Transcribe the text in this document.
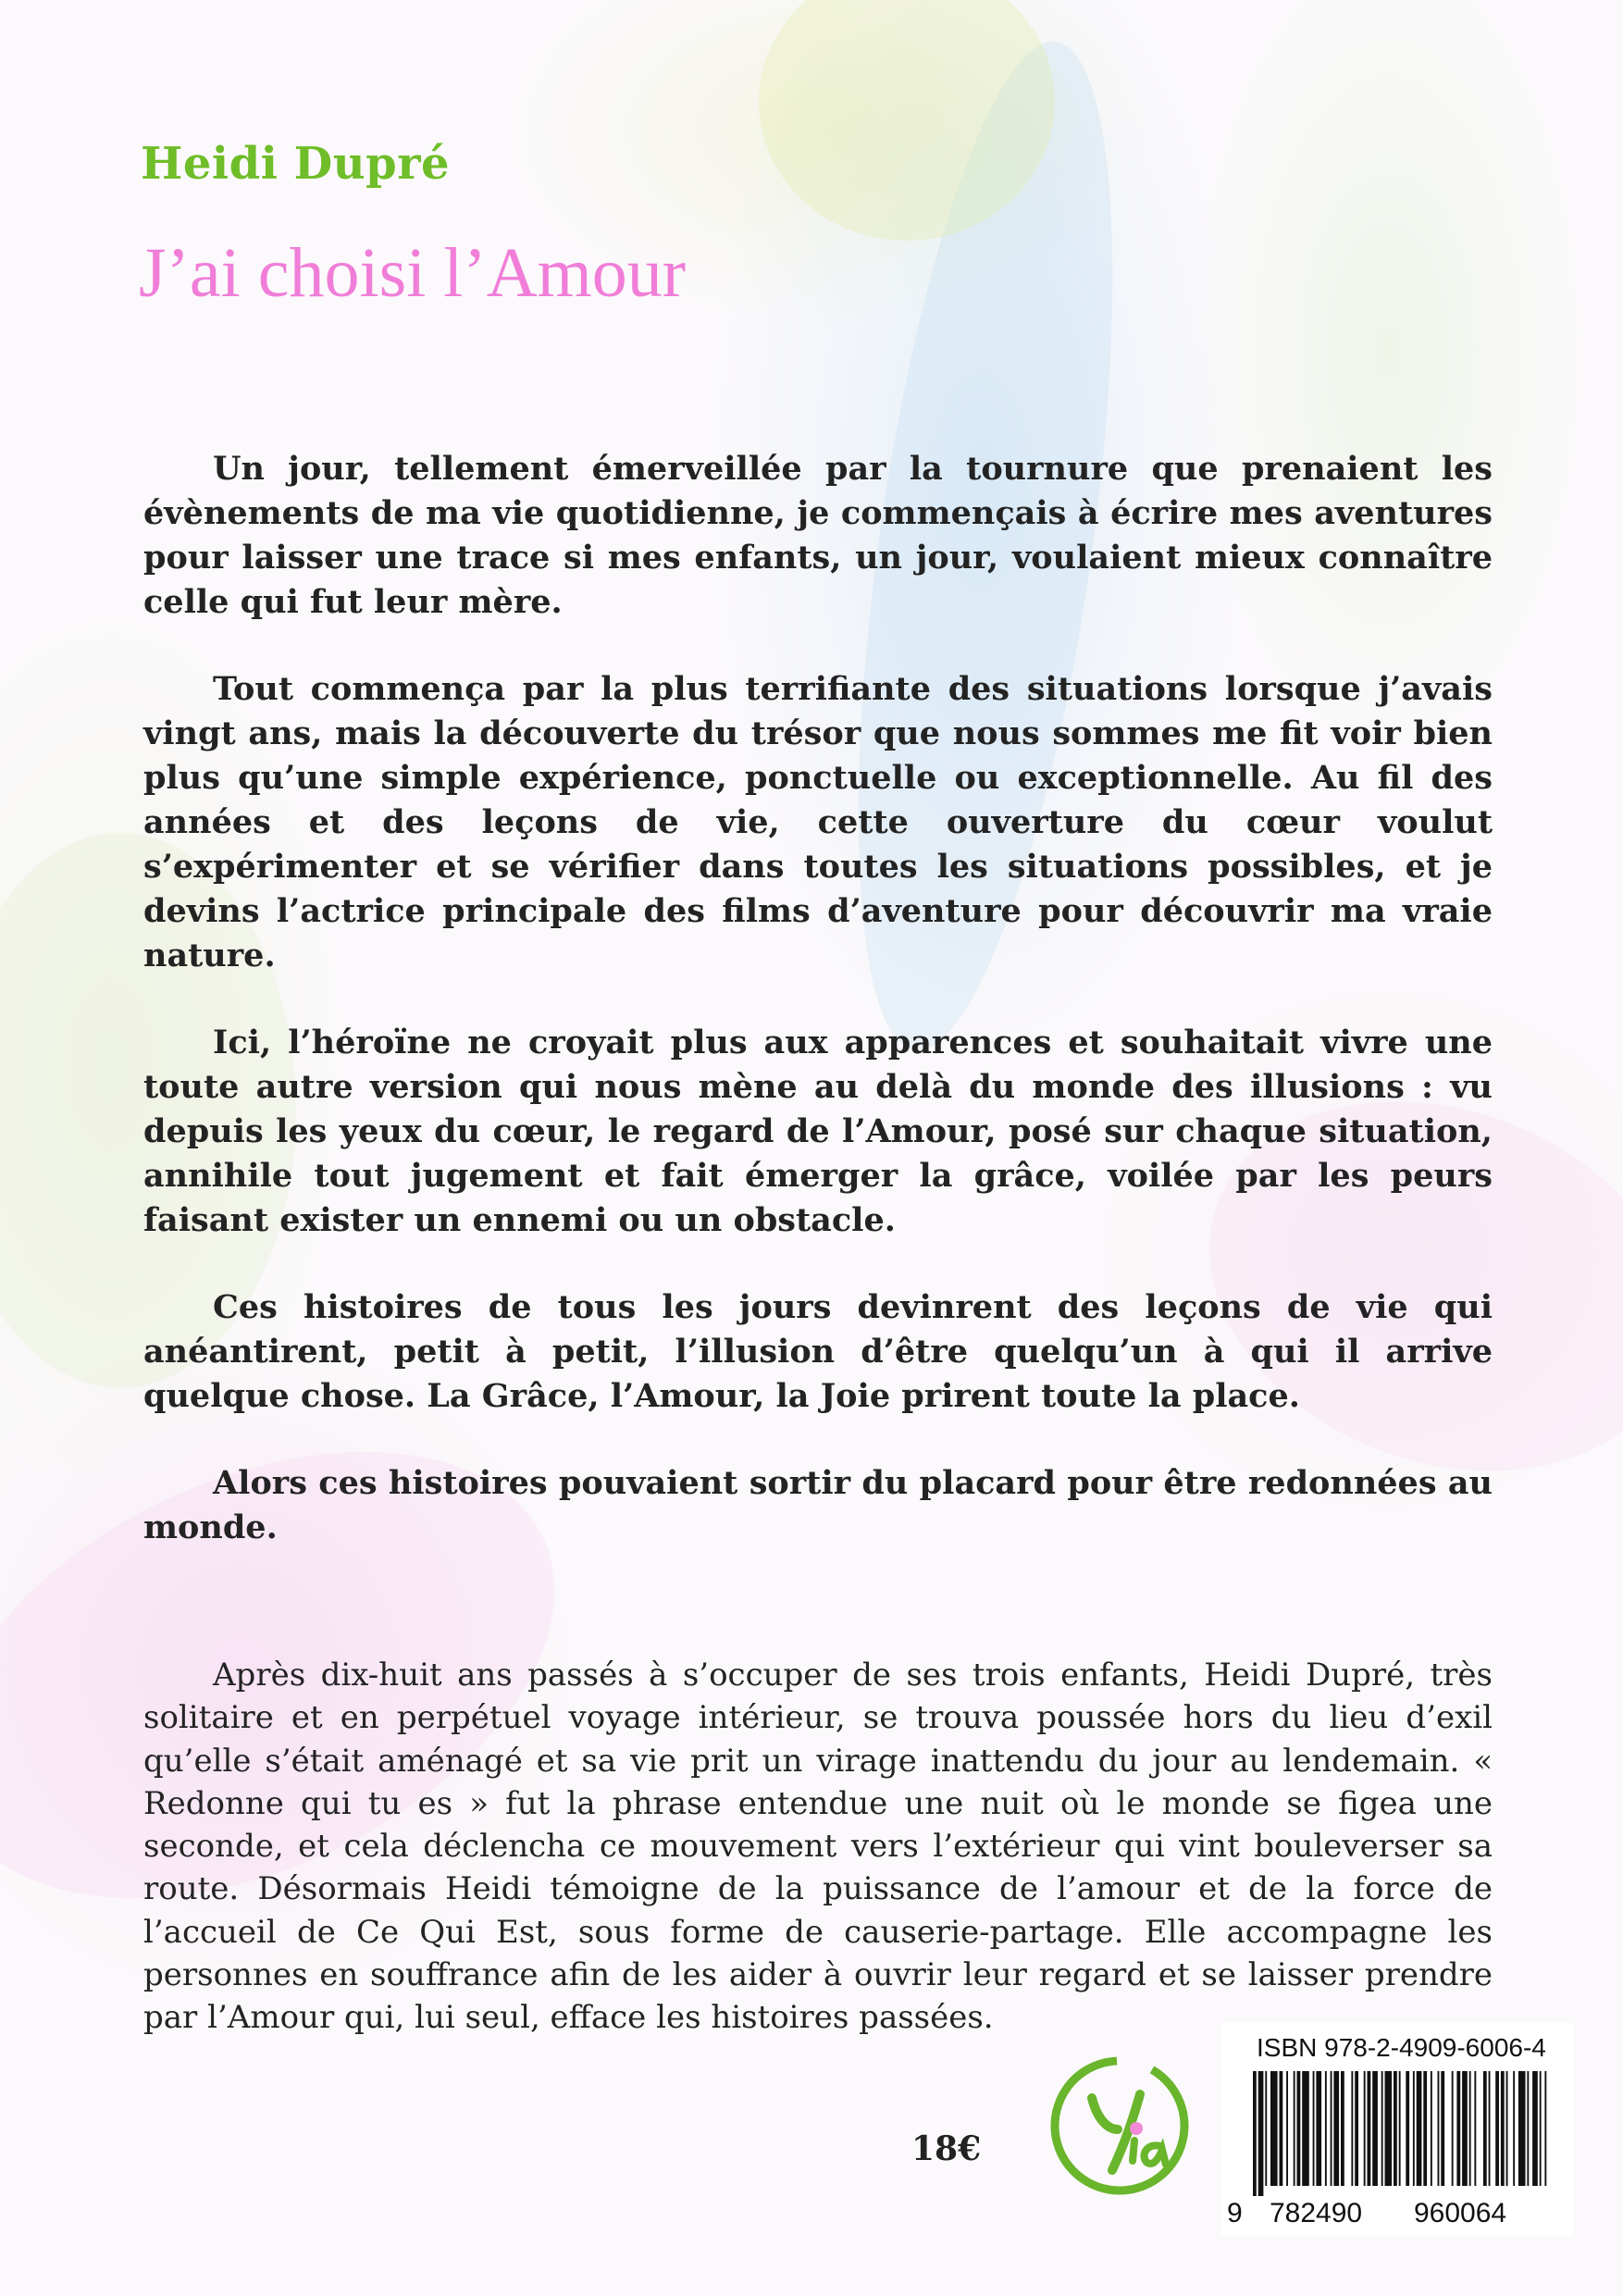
Heidi Dupré
J’ai choisi l’Amour

Un jour, tellement émerveillée par la tournure que prenaient les évènements de ma vie quotidienne, je commençais à écrire mes aventures pour laisser une trace si mes enfants, un jour, voulaient mieux connaître celle qui fut leur mère.

Tout commença par la plus terrifiante des situations lorsque j’avais vingt ans, mais la découverte du trésor que nous sommes me fit voir bien plus qu’une simple expérience, ponctuelle ou exceptionnelle. Au fil des années et des leçons de vie, cette ouverture du cœur voulut s’expérimenter et se vérifier dans toutes les situations possibles, et je devins l’actrice principale des films d’aventure pour découvrir ma vraie nature.

Ici, l’héroïne ne croyait plus aux apparences et souhaitait vivre une toute autre version qui nous mène au delà du monde des illusions : vu depuis les yeux du cœur, le regard de l’Amour, posé sur chaque situation, annihile tout jugement et fait émerger la grâce, voilée par les peurs faisant exister un ennemi ou un obstacle.

Ces histoires de tous les jours devinrent des leçons de vie qui anéantirent, petit à petit, l’illusion d’être quelqu’un à qui il arrive quelque chose. La Grâce, l’Amour, la Joie prirent toute la place.

Alors ces histoires pouvaient sortir du placard pour être redonnées au monde.

Après dix-huit ans passés à s’occuper de ses trois enfants, Heidi Dupré, très solitaire et en perpétuel voyage intérieur, se trouva poussée hors du lieu d’exil qu’elle s’était aménagé et sa vie prit un virage inattendu du jour au lendemain. « Redonne qui tu es » fut la phrase entendue une nuit où le monde se figea une seconde, et cela déclencha ce mouvement vers l’extérieur qui vint bouleverser sa route. Désormais Heidi témoigne de la puissance de l’amour et de la force de l’accueil de Ce Qui Est, sous forme de causerie-partage. Elle accompagne les personnes en souffrance afin de les aider à ouvrir leur regard et se laisser prendre par l’Amour qui, lui seul, efface les histoires passées.

18€
ISBN 978-2-4909-6006-4
9 782490 960064
